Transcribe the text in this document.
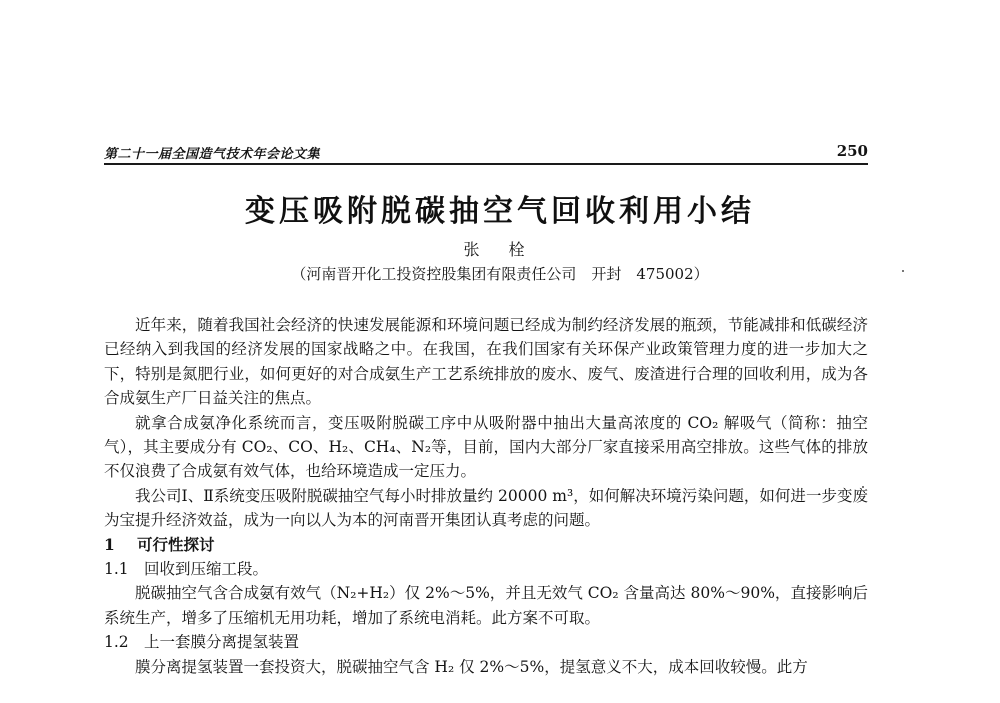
第二十一届全国造气技术年会论文集	250
变压吸附脱碳抽空气回收利用小结
张 栓
（河南晋开化工投资控股集团有限责任公司　开封　475002）

近年来，随着我国社会经济的快速发展能源和环境问题已经成为制约经济发展的瓶颈，节能减排和低碳经济已经纳入到我国的经济发展的国家战略之中。在我国，在我们国家有关环保产业政策管理力度的进一步加大之下，特别是氮肥行业，如何更好的对合成氨生产工艺系统排放的废水、废气、废渣进行合理的回收利用，成为各合成氨生产厂日益关注的焦点。

就拿合成氨净化系统而言，变压吸附脱碳工序中从吸附器中抽出大量高浓度的 CO₂ 解吸气（简称：抽空气），其主要成分有 CO₂、CO、H₂、CH₄、N₂等，目前，国内大部分厂家直接采用高空排放。这些气体的排放不仅浪费了合成氨有效气体，也给环境造成一定压力。

我公司Ⅰ、Ⅱ系统变压吸附脱碳抽空气每小时排放量约 20000 m³，如何解决环境污染问题，如何进一步变废为宝提升经济效益，成为一向以人为本的河南晋开集团认真考虑的问题。

1 可行性探讨
1.1 回收到压缩工段。

脱碳抽空气含合成氨有效气（N₂+H₂）仅 2%～5%，并且无效气 CO₂ 含量高达 80%～90%，直接影响后系统生产，增多了压缩机无用功耗，增加了系统电消耗。此方案不可取。

1.2 上一套膜分离提氢装置

膜分离提氢装置一套投资大，脱碳抽空气含 H₂ 仅 2%～5%，提氢意义不大，成本回收较慢。此方
